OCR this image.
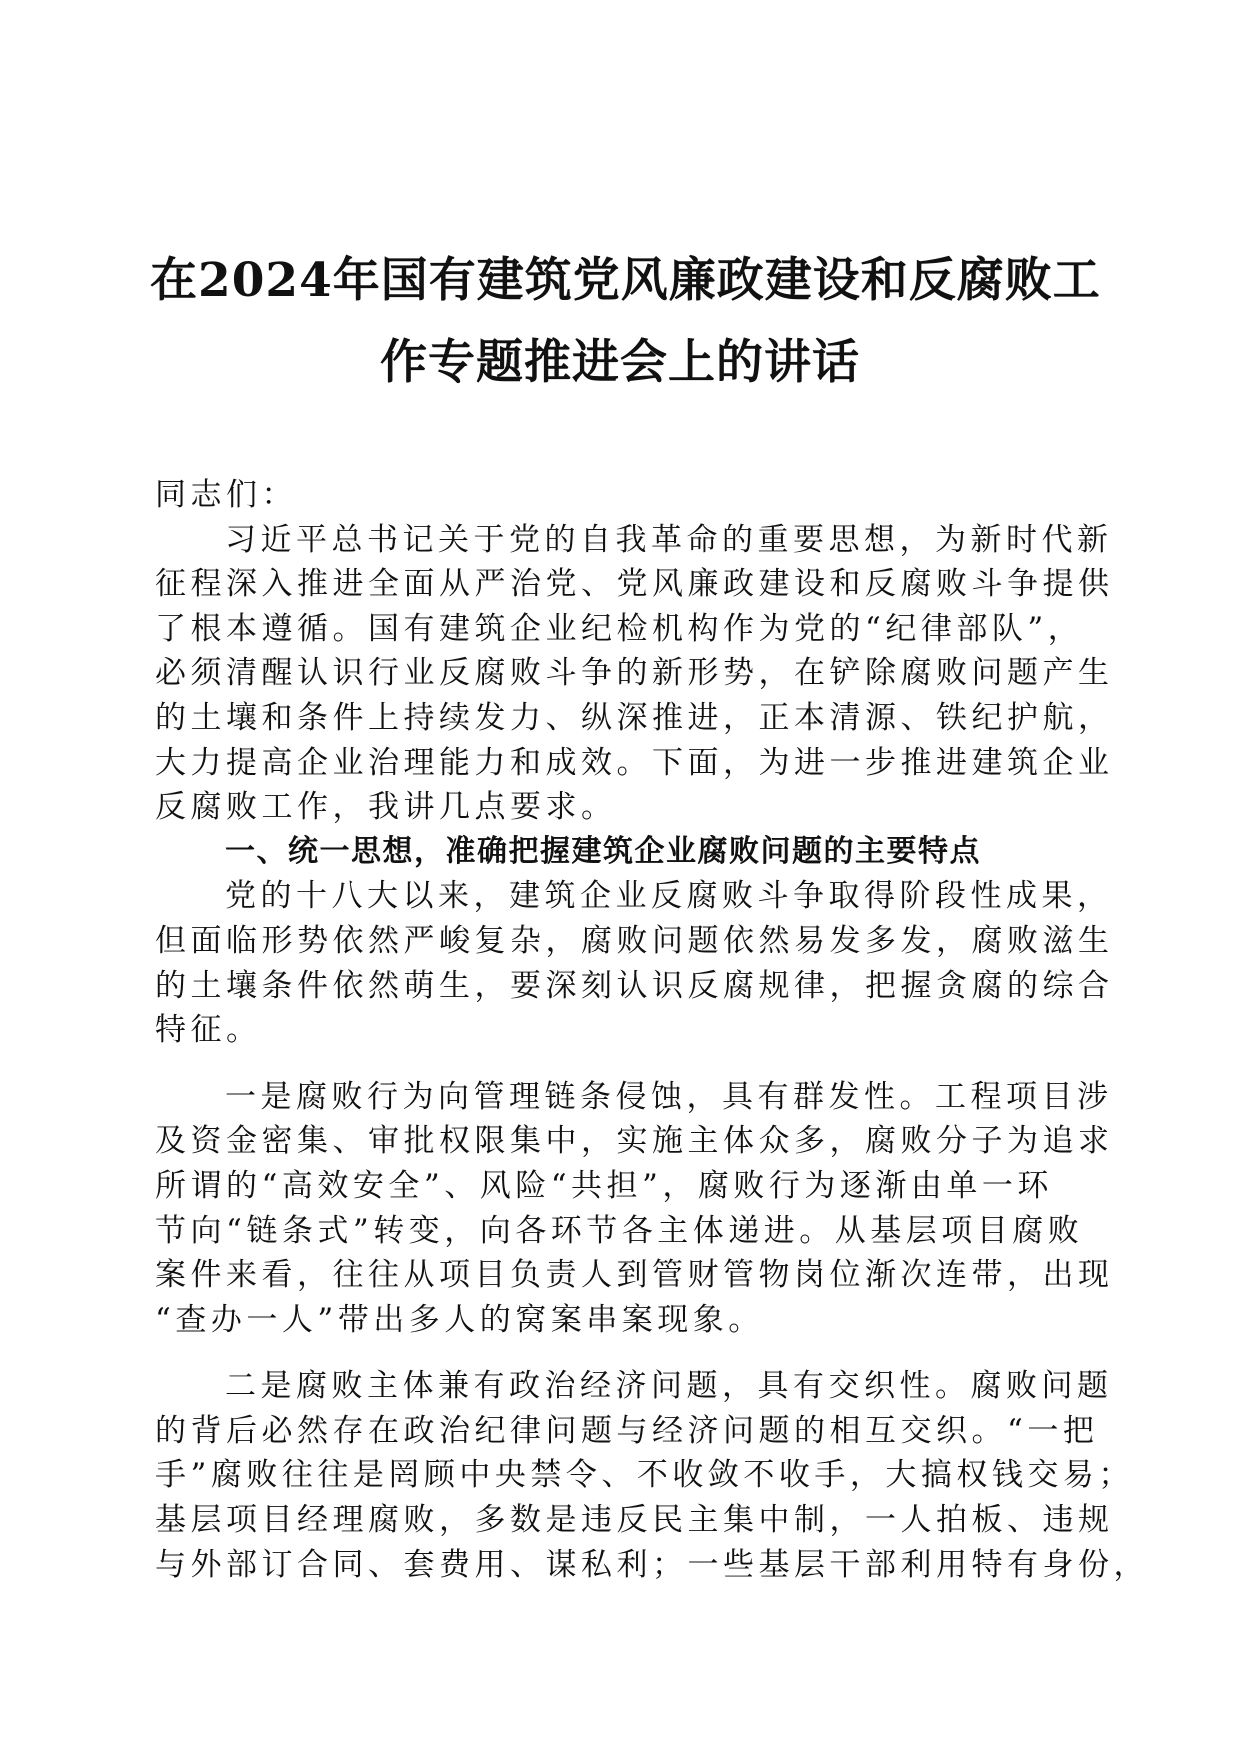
在2024年国有建筑党风廉政建设和反腐败工
作专题推进会上的讲话

同志们：

习近平总书记关于党的自我革命的重要思想，为新时代新
征程深入推进全面从严治党、党风廉政建设和反腐败斗争提供
了根本遵循。国有建筑企业纪检机构作为党的“纪律部队”，
必须清醒认识行业反腐败斗争的新形势，在铲除腐败问题产生
的土壤和条件上持续发力、纵深推进，正本清源、铁纪护航，
大力提高企业治理能力和成效。下面，为进一步推进建筑企业
反腐败工作，我讲几点要求。

一、统一思想，准确把握建筑企业腐败问题的主要特点

党的十八大以来，建筑企业反腐败斗争取得阶段性成果，
但面临形势依然严峻复杂，腐败问题依然易发多发，腐败滋生
的土壤条件依然萌生，要深刻认识反腐规律，把握贪腐的综合
特征。

一是腐败行为向管理链条侵蚀，具有群发性。工程项目涉
及资金密集、审批权限集中，实施主体众多，腐败分子为追求
所谓的“高效安全”、风险“共担”，腐败行为逐渐由单一环
节向“链条式”转变，向各环节各主体递进。从基层项目腐败
案件来看，往往从项目负责人到管财管物岗位渐次连带，出现
“查办一人”带出多人的窝案串案现象。

二是腐败主体兼有政治经济问题，具有交织性。腐败问题
的背后必然存在政治纪律问题与经济问题的相互交织。“一把
手”腐败往往是罔顾中央禁令、不收敛不收手，大搞权钱交易；
基层项目经理腐败，多数是违反民主集中制，一人拍板、违规
与外部订合同、套费用、谋私利；一些基层干部利用特有身份，
